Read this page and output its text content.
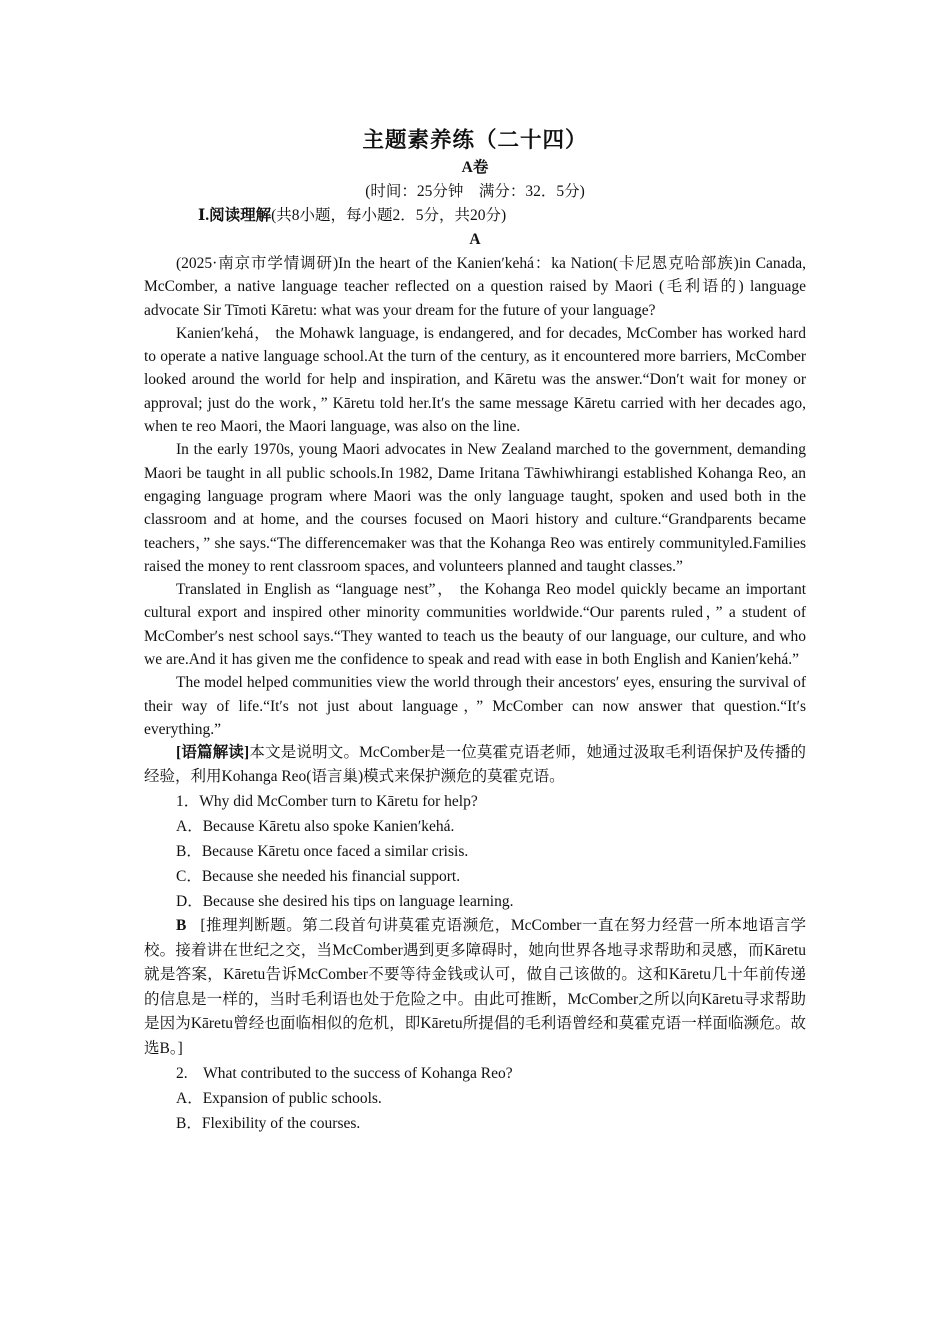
主题素养练（二十四）
A卷
(时间：25分钟　满分：32．5分)
Ⅰ.阅读理解(共8小题，每小题2．5分，共20分)
A

(2025·南京市学情调研)In the heart of the Kanienʹkehá：ka Nation(卡尼恩克哈部族)in Canada, McComber, a native language teacher reflected on a question raised by Maori (毛利语的) language advocate Sir Tīmoti Kāretu: what was your dream for the future of your language?

Kanienʹkehá， the Mohawk language, is endangered, and for decades, McComber has worked hard to operate a native language school.At the turn of the century, as it encountered more barriers, McComber looked around the world for help and inspiration, and Kāretu was the answer.“Donʹt wait for money or approval; just do the work，” Kāretu told her.Itʹs the same message Kāretu carried with her decades ago, when te reo Maori, the Maori language, was also on the line.

In the early 1970s, young Maori advocates in New Zealand marched to the government, demanding Maori be taught in all public schools.In 1982, Dame Iritana Tāwhiwhirangi established Kohanga Reo, an engaging language program where Maori was the only language taught, spoken and used both in the classroom and at home, and the courses focused on Maori history and culture.“Grandparents became teachers，” she says.“The differencemaker was that the Kohanga Reo was entirely communityled.Families raised the money to rent classroom spaces, and volunteers planned and taught classes.”

Translated in English as “language nest”， the Kohanga Reo model quickly became an important cultural export and inspired other minority communities worldwide.“Our parents ruled，” a student of McComberʹs nest school says.“They wanted to teach us the beauty of our language, our culture, and who we are.And it has given me the confidence to speak and read with ease in both English and Kanienʹkehá.”

The model helped communities view the world through their ancestorsʹ eyes, ensuring the survival of their way of life.“Itʹs not just about language，” McComber can now answer that question.“Itʹs everything.”

[语篇解读]本文是说明文。McComber是一位莫霍克语老师，她通过汲取毛利语保护及传播的经验，利用Kohanga Reo(语言巢)模式来保护濒危的莫霍克语。

1．Why did McComber turn to Kāretu for help?

A．Because Kāretu also spoke Kanienʹkehá.

B．Because Kāretu once faced a similar crisis.

C．Because she needed his financial support.

D．Because she desired his tips on language learning.

B [推理判断题。第二段首句讲莫霍克语濒危，McComber一直在努力经营一所本地语言学校。接着讲在世纪之交，当McComber遇到更多障碍时，她向世界各地寻求帮助和灵感，而Kāretu就是答案，Kāretu告诉McComber不要等待金钱或认可，做自己该做的。这和Kāretu几十年前传递的信息是一样的，当时毛利语也处于危险之中。由此可推断，McComber之所以向Kāretu寻求帮助是因为Kāretu曾经也面临相似的危机，即Kāretu所提倡的毛利语曾经和莫霍克语一样面临濒危。故选B。]

2.　What contributed to the success of Kohanga Reo?

A．Expansion of public schools.

B．Flexibility of the courses.
